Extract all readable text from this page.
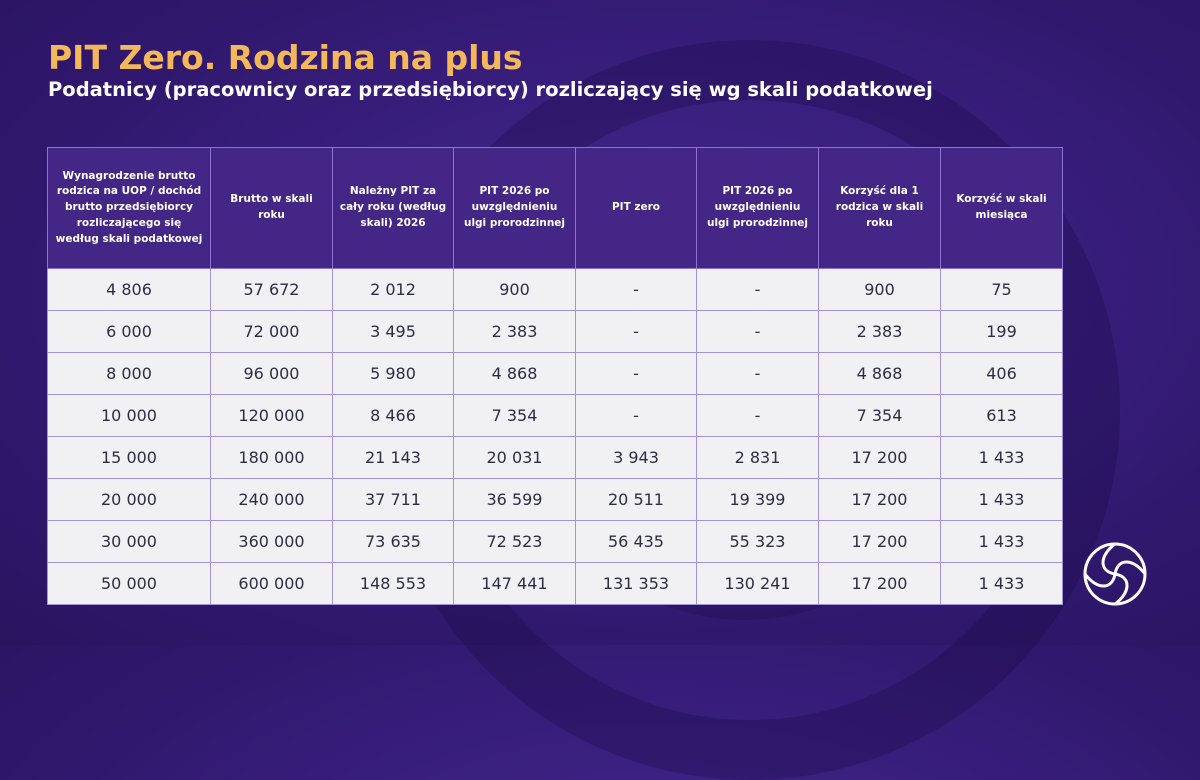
PIT Zero. Rodzina na plus
Podatnicy (pracownicy oraz przedsiębiorcy) rozliczający się wg skali podatkowej
Wynagrodzenie brutto rodzica na UOP / dochód brutto przedsiębiorcy rozliczającego się według skali podatkowej	Brutto w skali roku	Należny PIT za cały roku (według skali) 2026	PIT 2026 po uwzględnieniu ulgi prorodzinnej	PIT zero	PIT 2026 po uwzględnieniu ulgi prorodzinnej	Korzyść dla 1 rodzica w skali roku	Korzyść w skali miesiąca
4 806	57 672	2 012	900	-	-	900	75
6 000	72 000	3 495	2 383	-	-	2 383	199
8 000	96 000	5 980	4 868	-	-	4 868	406
10 000	120 000	8 466	7 354	-	-	7 354	613
15 000	180 000	21 143	20 031	3 943	2 831	17 200	1 433
20 000	240 000	37 711	36 599	20 511	19 399	17 200	1 433
30 000	360 000	73 635	72 523	56 435	55 323	17 200	1 433
50 000	600 000	148 553	147 441	131 353	130 241	17 200	1 433
